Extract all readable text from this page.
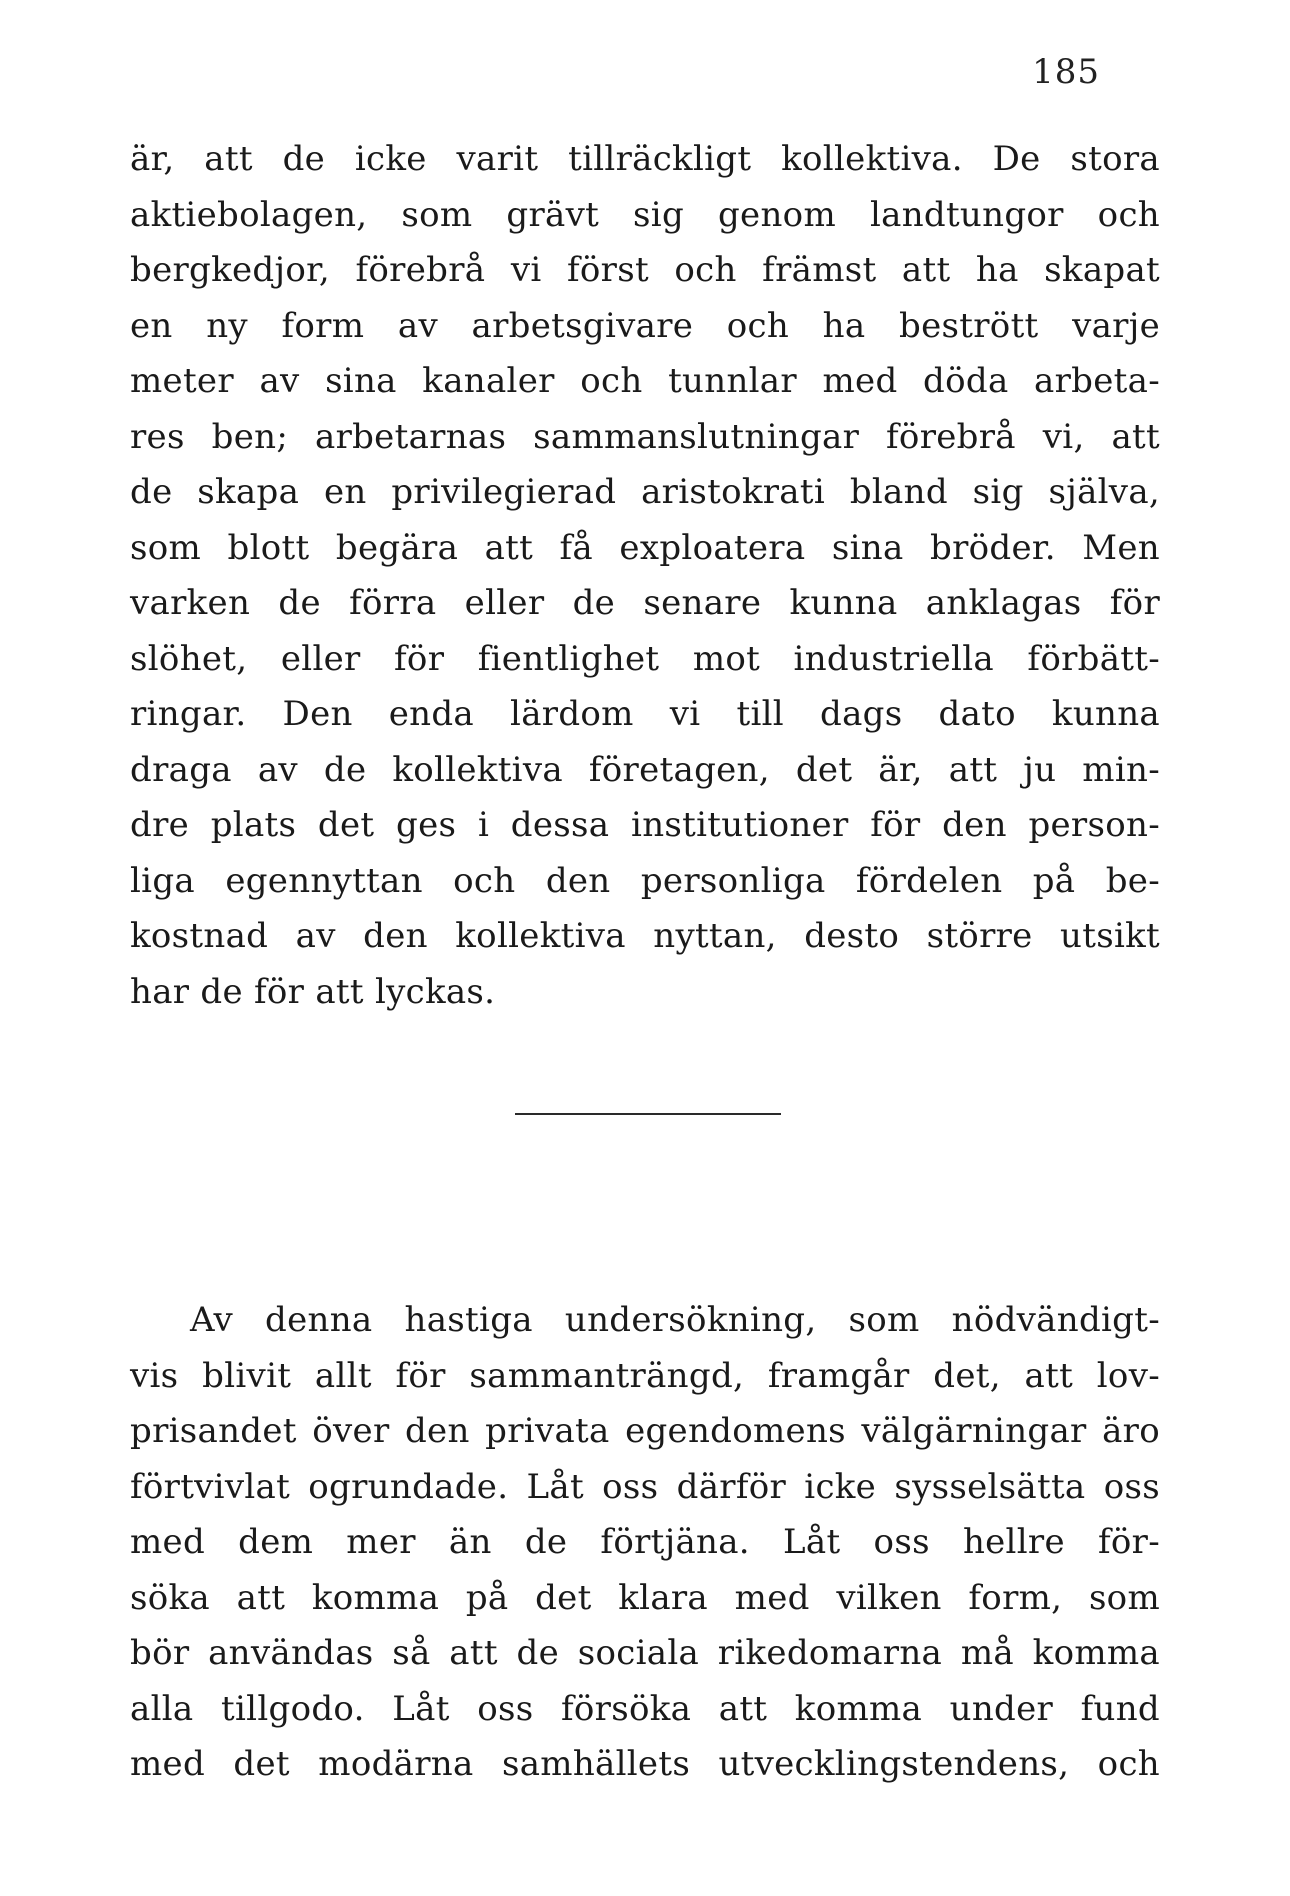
185
är, att de icke varit tillräckligt kollektiva. De stora
aktiebolagen, som grävt sig genom landtungor och
bergkedjor, förebrå vi först och främst att ha skapat
en ny form av arbetsgivare och ha bestrött varje
meter av sina kanaler och tunnlar med döda arbeta-
res ben; arbetarnas sammanslutningar förebrå vi, att
de skapa en privilegierad aristokrati bland sig själva,
som blott begära att få exploatera sina bröder. Men
varken de förra eller de senare kunna anklagas för
slöhet, eller för fientlighet mot industriella förbätt-
ringar. Den enda lärdom vi till dags dato kunna
draga av de kollektiva företagen, det är, att ju min-
dre plats det ges i dessa institutioner för den person-
liga egennyttan och den personliga fördelen på be-
kostnad av den kollektiva nyttan, desto större utsikt
har de för att lyckas.
Av denna hastiga undersökning, som nödvändigt-
vis blivit allt för sammanträngd, framgår det, att lov-
prisandet över den privata egendomens välgärningar äro
förtvivlat ogrundade. Låt oss därför icke sysselsätta oss
med dem mer än de förtjäna. Låt oss hellre för-
söka att komma på det klara med vilken form, som
bör användas så att de sociala rikedomarna må komma
alla tillgodo. Låt oss försöka att komma under fund
med det modärna samhällets utvecklingstendens, och
